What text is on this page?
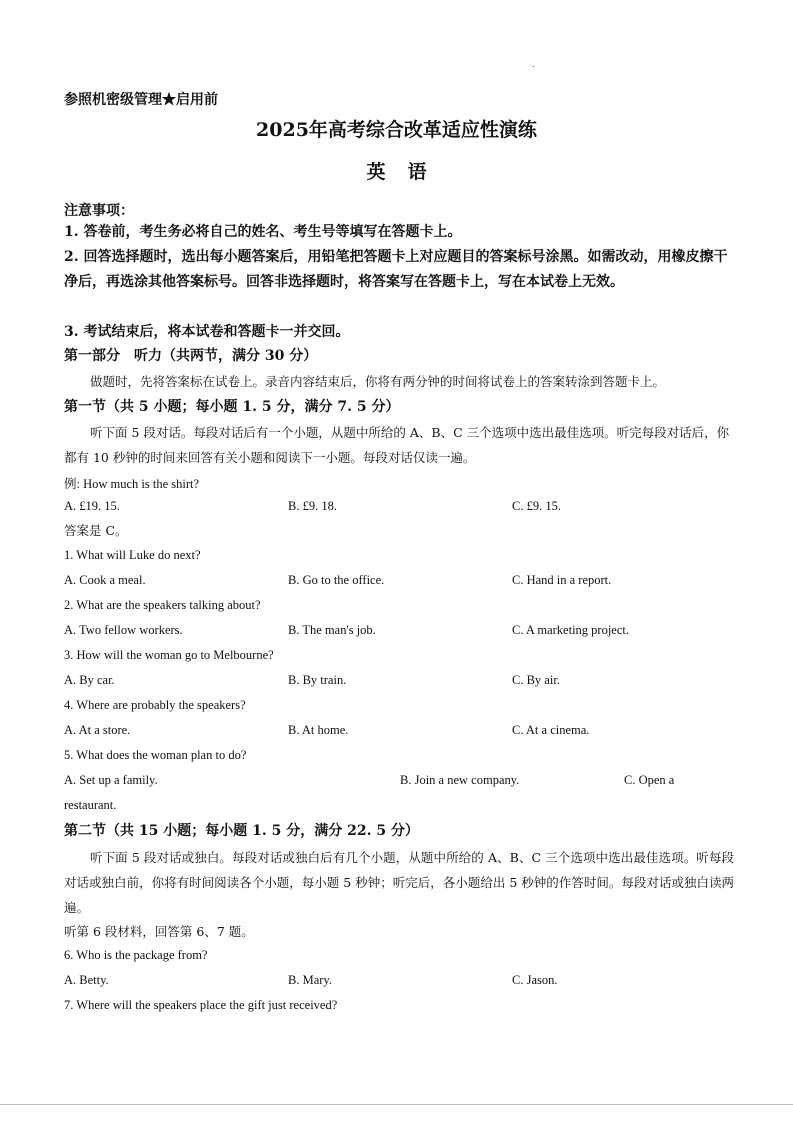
.
参照机密级管理★启用前
2025年高考综合改革适应性演练
英语
注意事项：
1. 答卷前，考生务必将自己的姓名、考生号等填写在答题卡上。
2. 回答选择题时，选出每小题答案后，用铅笔把答题卡上对应题目的答案标号涂黑。如需改动，用橡皮擦干净后，再选涂其他答案标号。回答非选择题时，将答案写在答题卡上，写在本试卷上无效。
3. 考试结束后，将本试卷和答题卡一并交回。
第一部分　听力（共两节，满分 30 分）
做题时，先将答案标在试卷上。录音内容结束后，你将有两分钟的时间将试卷上的答案转涂到答题卡上。
第一节（共 5 小题；每小题 1. 5 分，满分 7. 5 分）
听下面 5 段对话。每段对话后有一个小题，从题中所给的 A、B、C 三个选项中选出最佳选项。听完每段对话后，你都有 10 秒钟的时间来回答有关小题和阅读下一小题。每段对话仅读一遍。
例: How much is the shirt?
A. £19. 15.	B. £9. 18.	C. £9. 15.
答案是 C。
1. What will Luke do next?
A. Cook a meal.	B. Go to the office.	C. Hand in a report.
2. What are the speakers talking about?
A. Two fellow workers.	B. The man's job.	C. A marketing project.
3. How will the woman go to Melbourne?
A. By car.	B. By train.	C. By air.
4. Where are probably the speakers?
A. At a store.	B. At home.	C. At a cinema.
5. What does the woman plan to do?
A. Set up a family.	B. Join a new company.	C. Open a
restaurant.
第二节（共 15 小题；每小题 1. 5 分，满分 22. 5 分）
听下面 5 段对话或独白。每段对话或独白后有几个小题，从题中所给的 A、B、C 三个选项中选出最佳选项。听每段对话或独白前，你将有时间阅读各个小题，每小题 5 秒钟；听完后，各小题给出 5 秒钟的作答时间。每段对话或独白读两遍。
听第 6 段材料，回答第 6、7 题。
6. Who is the package from?
A. Betty.	B. Mary.	C. Jason.
7. Where will the speakers place the gift just received?
